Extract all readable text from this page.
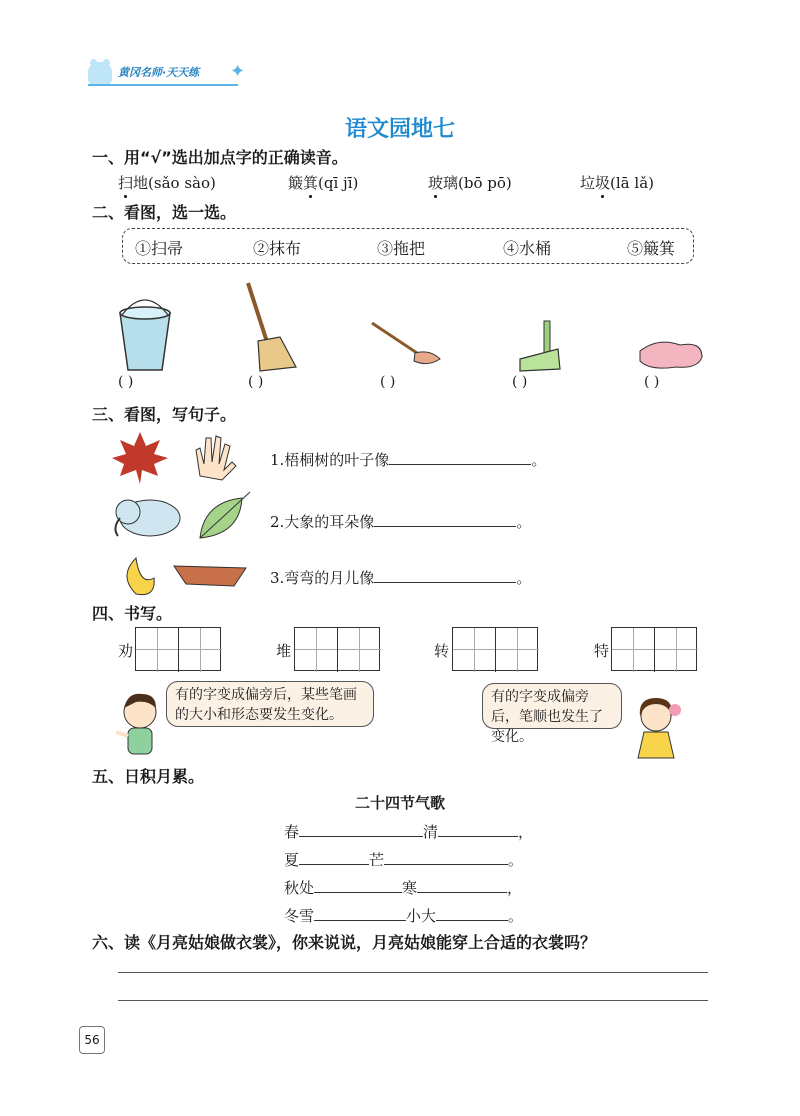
黄冈名师·天天练 ✦
语文园地七
一、用“√”选出加点字的正确读音。
扫地(sǎo sào)	簸箕(qī jī)	玻璃(bō pō)	垃圾(lā lǎ)
二、看图，选一选。
①扫帚	②抹布	③拖把	④水桶	⑤簸箕
( )	( )	( )	( )	( )
三、看图，写句子。
1.梧桐树的叶子像	。
2.大象的耳朵像	。
3.弯弯的月儿像	。
四、书写。
劝	堆	转	特
有的字变成偏旁后，某些笔画的大小和形态要发生变化。
有的字变成偏旁后，笔顺也发生了变化。
五、日积月累。
二十四节气歌
春	清	，
夏	芒	。
秋处	寒	，
冬雪	小大	。
六、读《月亮姑娘做衣裳》，你来说说，月亮姑娘能穿上合适的衣裳吗？
56
